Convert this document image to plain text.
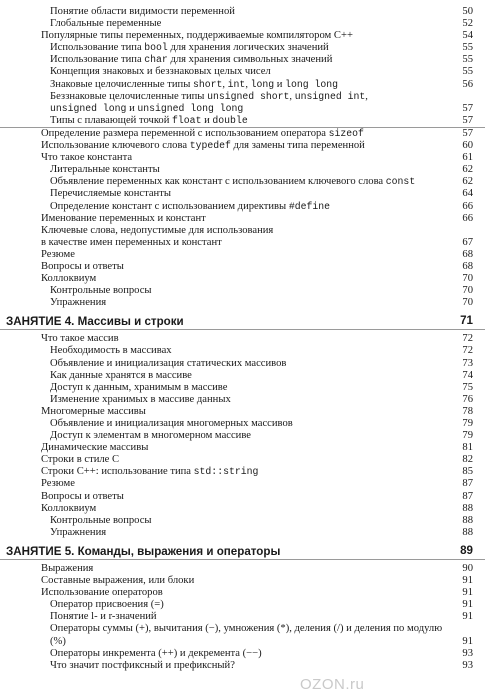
Понятие области видимости переменной	50
Глобальные переменные	52
Популярные типы переменных, поддерживаемые компилятором C++	54
Использование типа bool для хранения логических значений	55
Использование типа char для хранения символьных значений	55
Концепция знаковых и беззнаковых целых чисел	55
Знаковые целочисленные типы short, int, long и long long	56
Беззнаковые целочисленные типы unsigned short, unsigned int,
unsigned long и unsigned long long	57
Типы с плавающей точкой float и double	57
Определение размера переменной с использованием оператора sizeof	57
Использование ключевого слова typedef для замены типа переменной	60
Что такое константа	61
Литеральные константы	62
Объявление переменных как констант с использованием ключевого слова const	62
Перечисляемые константы	64
Определение констант с использованием директивы #define	66
Именование переменных и констант	66
Ключевые слова, недопустимые для использования
в качестве имен переменных и констант	67
Резюме	68
Вопросы и ответы	68
Коллоквиум	70
Контрольные вопросы	70
Упражнения	70
ЗАНЯТИЕ 4. Массивы и строки	71
Что такое массив	72
Необходимость в массивах	72
Объявление и инициализация статических массивов	73
Как данные хранятся в массиве	74
Доступ к данным, хранимым в массиве	75
Изменение хранимых в массиве данных	76
Многомерные массивы	78
Объявление и инициализация многомерных массивов	79
Доступ к элементам в многомерном массиве	79
Динамические массивы	81
Строки в стиле C	82
Строки C++: использование типа std::string	85
Резюме	87
Вопросы и ответы	87
Коллоквиум	88
Контрольные вопросы	88
Упражнения	88
ЗАНЯТИЕ 5. Команды, выражения и операторы	89
Выражения	90
Составные выражения, или блоки	91
Использование операторов	91
Оператор присвоения (=)	91
Понятие l- и r-значений	91
Операторы суммы (+), вычитания (−), умножения (*), деления (/) и деления по модулю (%)	91
Операторы инкремента (++) и декремента (−−)	93
Что значит постфиксный и префиксный?	93
OZON.ru
